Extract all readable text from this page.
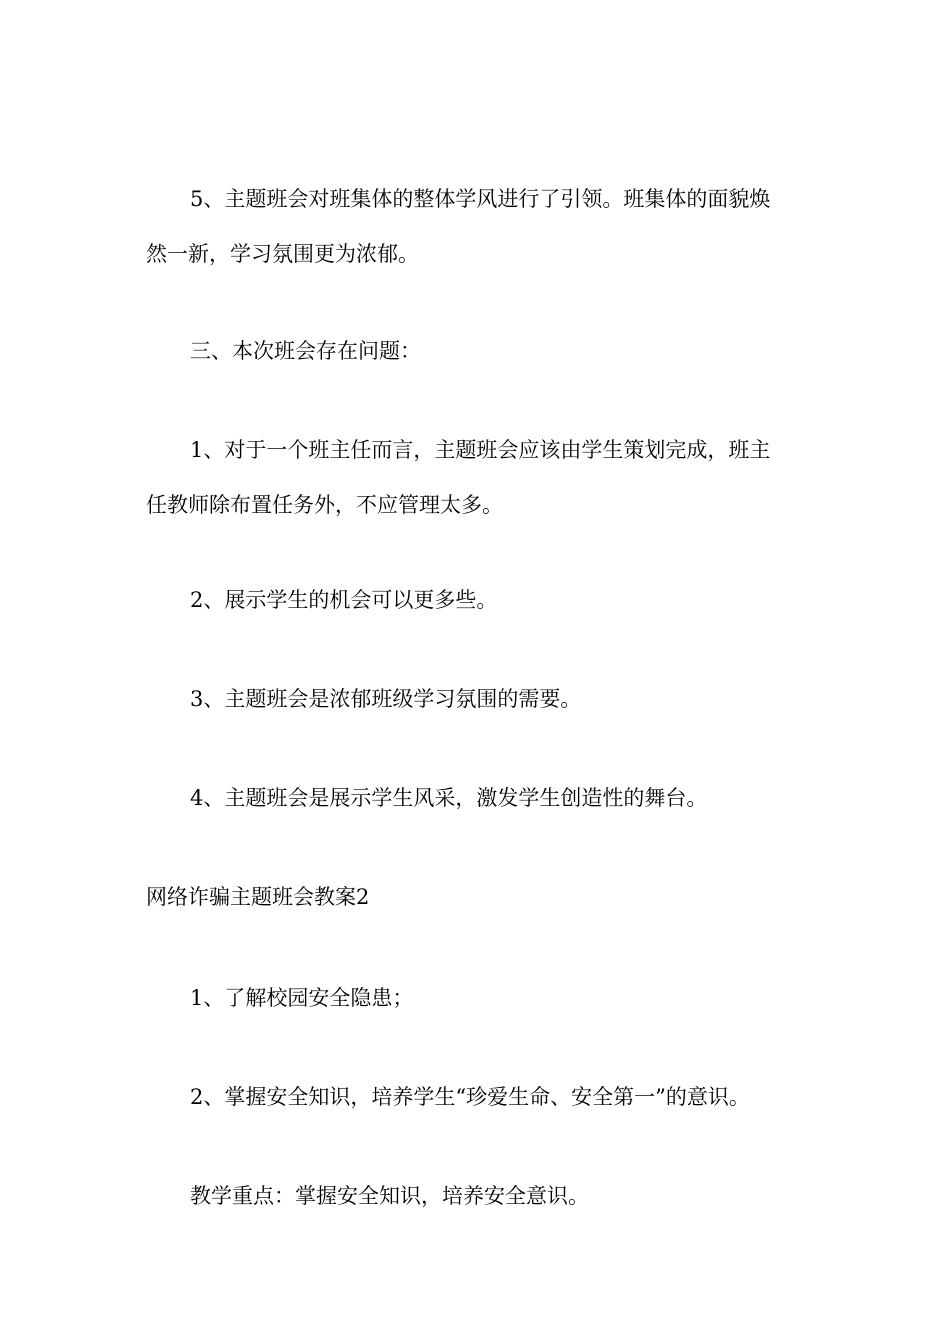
5、主题班会对班集体的整体学风进行了引领。班集体的面貌焕
然一新，学习氛围更为浓郁。

三、本次班会存在问题：

1、对于一个班主任而言，主题班会应该由学生策划完成，班主
任教师除布置任务外，不应管理太多。

2、展示学生的机会可以更多些。

3、主题班会是浓郁班级学习氛围的需要。

4、主题班会是展示学生风采，激发学生创造性的舞台。

网络诈骗主题班会教案2

1、了解校园安全隐患；

2、掌握安全知识，培养学生“珍爱生命、安全第一”的意识。

教学重点：掌握安全知识，培养安全意识。
